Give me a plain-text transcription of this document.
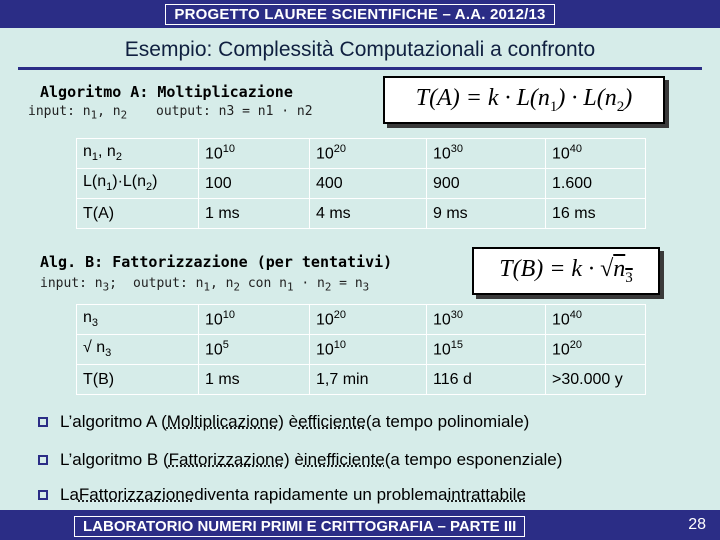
PROGETTO LAUREE SCIENTIFICHE – A.A. 2012/13
Esempio: Complessità Computazionali a confronto
Algoritmo A: Moltiplicazione
input: $n_1$, $n_2$ output: n3 = n1 · n2
$T(A) = k \cdot L(n_1) \cdot L(n_2)$
$n_1$, $n_2$	$10^{10}$	$10^{20}$	$10^{30}$	$10^{40}$
$L(n_1)\cdot L(n_2)$	100	400	900	1.600
T(A)	1 ms	4 ms	9 ms	16 ms
Alg. B: Fattorizzazione (per tentativi)
input: $n_3$; output: $n_1$, $n_2$ con $n_1 \cdot n_2 = n_3$
$T(B) = k \cdot √n_3$
$n_3$	$10^{10}$	$10^{20}$	$10^{30}$	$10^{40}$
√ $n_3$	$10^5$	$10^{10}$	$10^{15}$	$10^{20}$
T(B)	1 ms	1,7 min	116 d	>30.000 y
L’algoritmo A ( Moltiplicazione ) è efficiente (a tempo polinomiale)
L’algoritmo B ( Fattorizzazione ) è inefficiente (a tempo esponenziale)
La Fattorizzazione diventa rapidamente un problema intrattabile
LABORATORIO NUMERI PRIMI E CRITTOGRAFIA – PARTE III	28
